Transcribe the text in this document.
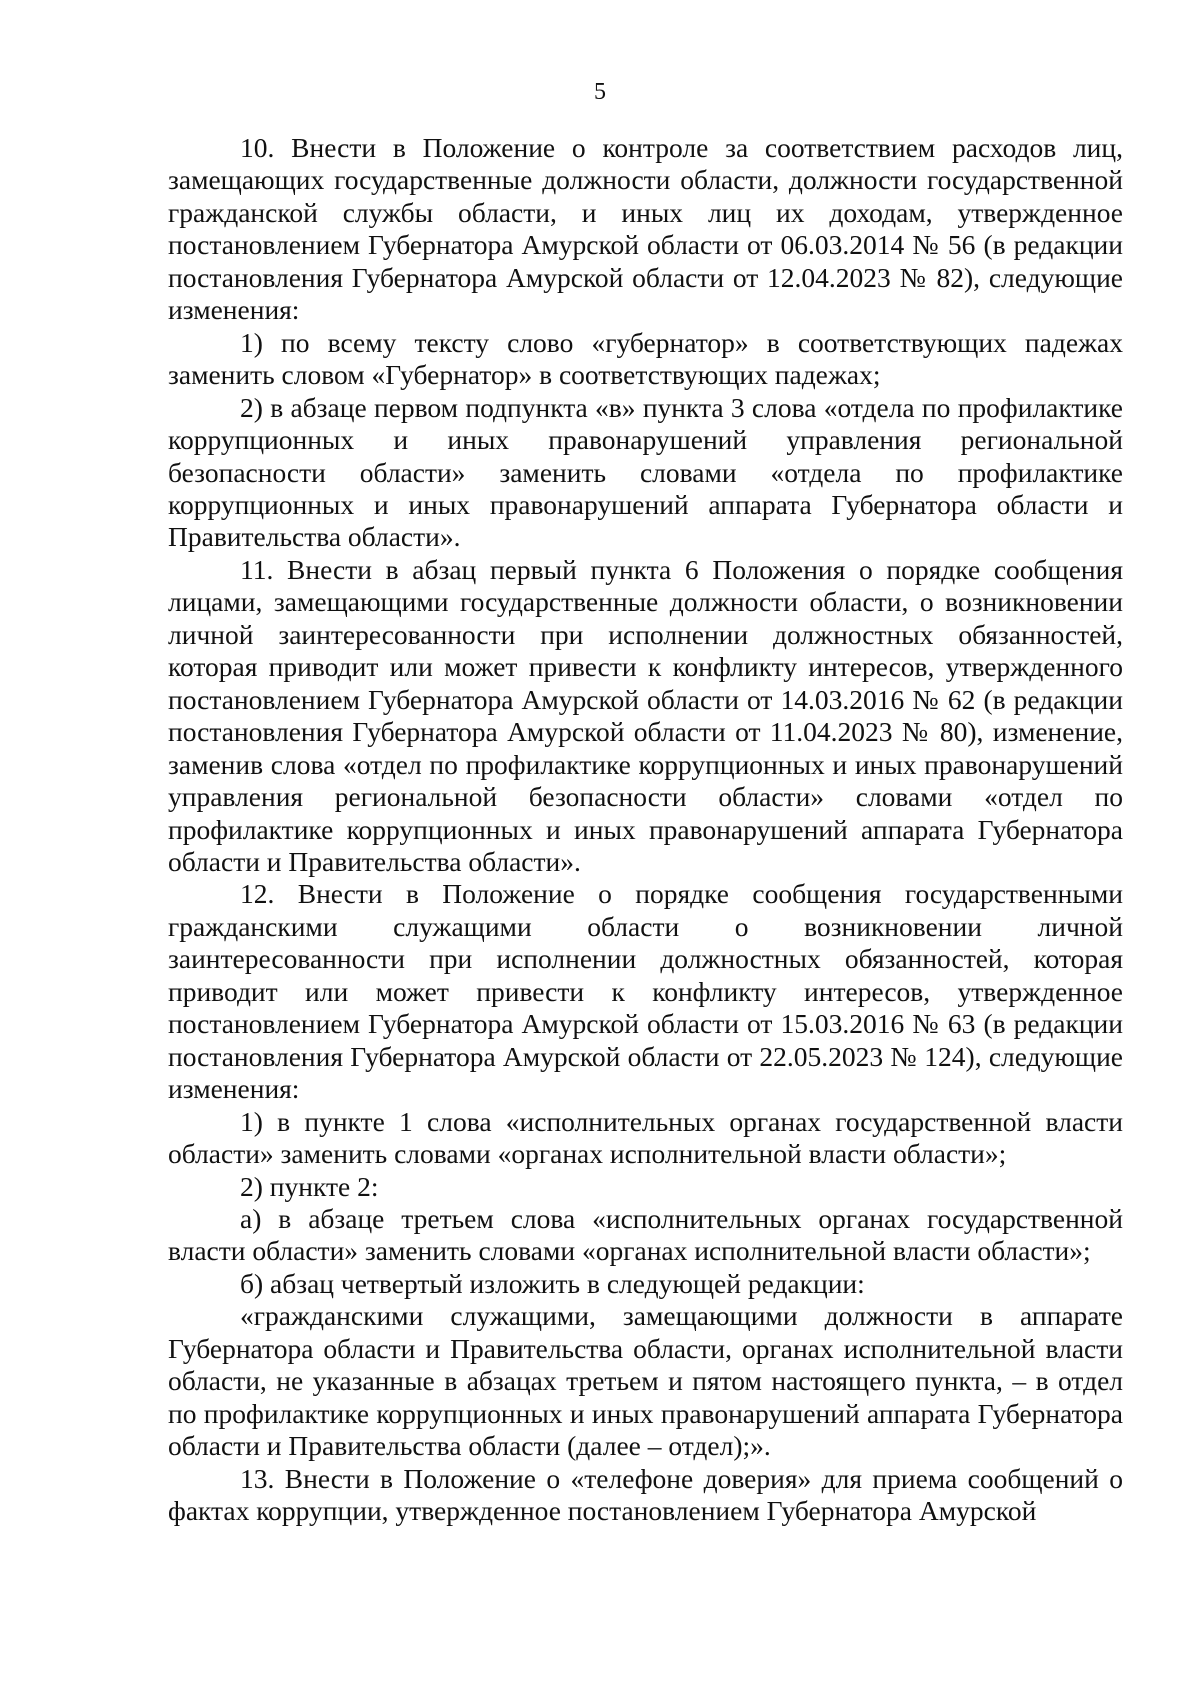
5

10. Внести в Положение о контроле за соответствием расходов лиц, замещающих государственные должности области, должности государственной гражданской службы области, и иных лиц их доходам, утвержденное постановлением Губернатора Амурской области от 06.03.2014 № 56 (в редакции постановления Губернатора Амурской области от 12.04.2023 № 82), следующие изменения:

1) по всему тексту слово «губернатор» в соответствующих падежах заменить словом «Губернатор» в соответствующих падежах;

2) в абзаце первом подпункта «в» пункта 3 слова «отдела по профилактике коррупционных и иных правонарушений управления региональной безопасности области» заменить словами «отдела по профилактике коррупционных и иных правонарушений аппарата Губернатора области и Правительства области».

11. Внести в абзац первый пункта 6 Положения о порядке сообщения лицами, замещающими государственные должности области, о возникновении личной заинтересованности при исполнении должностных обязанностей, которая приводит или может привести к конфликту интересов, утвержденного постановлением Губернатора Амурской области от 14.03.2016 № 62 (в редакции постановления Губернатора Амурской области от 11.04.2023 № 80), изменение, заменив слова «отдел по профилактике коррупционных и иных правонарушений управления региональной безопасности области» словами «отдел по профилактике коррупционных и иных правонарушений аппарата Губернатора области и Правительства области».

12. Внести в Положение о порядке сообщения государственными гражданскими служащими области о возникновении личной заинтересованности при исполнении должностных обязанностей, которая приводит или может привести к конфликту интересов, утвержденное постановлением Губернатора Амурской области от 15.03.2016 № 63 (в редакции постановления Губернатора Амурской области от 22.05.2023 № 124), следующие изменения:

1) в пункте 1 слова «исполнительных органах государственной власти области» заменить словами «органах исполнительной власти области»;

2) пункте 2:

а) в абзаце третьем слова «исполнительных органах государственной власти области» заменить словами «органах исполнительной власти области»;

б) абзац четвертый изложить в следующей редакции:

«гражданскими служащими, замещающими должности в аппарате Губернатора области и Правительства области, органах исполнительной власти области, не указанные в абзацах третьем и пятом настоящего пункта, – в отдел по профилактике коррупционных и иных правонарушений аппарата Губернатора области и Правительства области (далее – отдел);».

13. Внести в Положение о «телефоне доверия» для приема сообщений о фактах коррупции, утвержденное постановлением Губернатора Амурской
